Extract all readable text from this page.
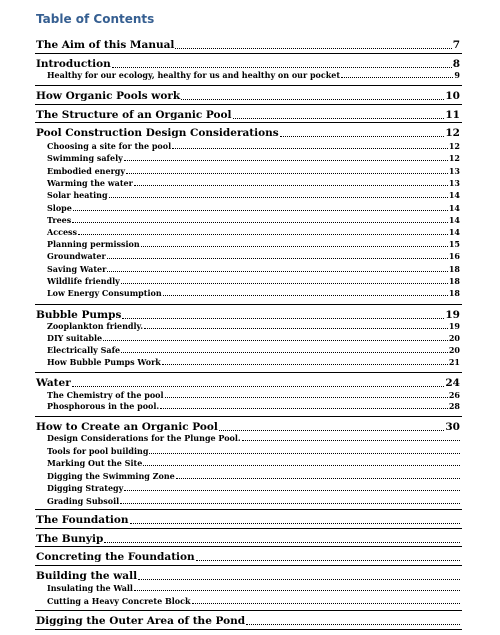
Table of Contents
The Aim of this Manual	7
Introduction	8
Healthy for our ecology, healthy for us and healthy on our pocket	9
How Organic Pools work	10
The Structure of an Organic Pool	11
Pool Construction Design Considerations	12
Choosing a site for the pool	12
Swimming safely	12
Embodied energy	13
Warming the water	13
Solar heating	14
Slope	14
Trees	14
Access	14
Planning permission	15
Groundwater	16
Saving Water	18
Wildlife friendly	18
Low Energy Consumption	18
Bubble Pumps	19
Zooplankton friendly.	19
DIY suitable	20
Electrically Safe	20
How Bubble Pumps Work	21
Water	24
The Chemistry of the pool	26
Phosphorous in the pool.	28
How to Create an Organic Pool	30
Design Considerations for the Plunge Pool.
Tools for pool building
Marking Out the Site
Digging the Swimming Zone
Digging Strategy
Grading Subsoil
The Foundation
The Bunyip
Concreting the Foundation
Building the wall
Insulating the Wall
Cutting a Heavy Concrete Block
Digging the Outer Area of the Pond
